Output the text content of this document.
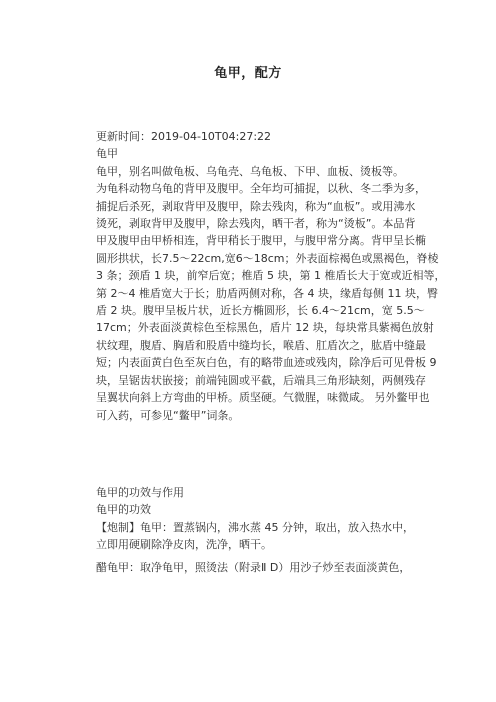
龟甲，配方
更新时间：2019-04-10T04:27:22
龟甲
龟甲，别名叫做龟板、乌龟壳、乌龟板、下甲、血板、烫板等。
为龟科动物乌龟的背甲及腹甲。全年均可捕捉，以秋、冬二季为多，
捕捉后杀死，剥取背甲及腹甲，除去残肉，称为“血板”。或用沸水
烫死，剥取背甲及腹甲，除去残肉，晒干者，称为“烫板”。本品背
甲及腹甲由甲桥相连，背甲稍长于腹甲，与腹甲常分离。背甲呈长椭
圆形拱状，长7.5～22cm,宽6～18cm；外表面棕褐色或黑褐色，脊棱
3 条；颈盾 1 块，前窄后宽；椎盾 5 块，第 1 椎盾长大于宽或近相等，
第 2～4 椎盾宽大于长；肋盾两侧对称，各 4 块，缘盾每侧 11 块，臀
盾 2 块。腹甲呈板片状，近长方椭圆形，长 6.4～21cm，宽 5.5～
17cm；外表面淡黄棕色至棕黑色，盾片 12 块，每块常具紫褐色放射
状纹理，腹盾、胸盾和股盾中缝均长，喉盾、肛盾次之，肱盾中缝最
短；内表面黄白色至灰白色，有的略带血迹或残肉，除净后可见骨板 9
块，呈锯齿状嵌接；前端钝圆或平截，后端具三角形缺刻，两侧残存
呈翼状向斜上方弯曲的甲桥。质坚硬。气微腥，味微咸。 另外鳖甲也
可入药，可参见“鳖甲”词条。
龟甲的功效与作用
龟甲的功效
【炮制】龟甲：置蒸锅内，沸水蒸 45 分钟，取出，放入热水中，
立即用硬刷除净皮肉，洗净，晒干。
醋龟甲：取净龟甲，照烫法（附录Ⅱ D）用沙子炒至表面淡黄色，
